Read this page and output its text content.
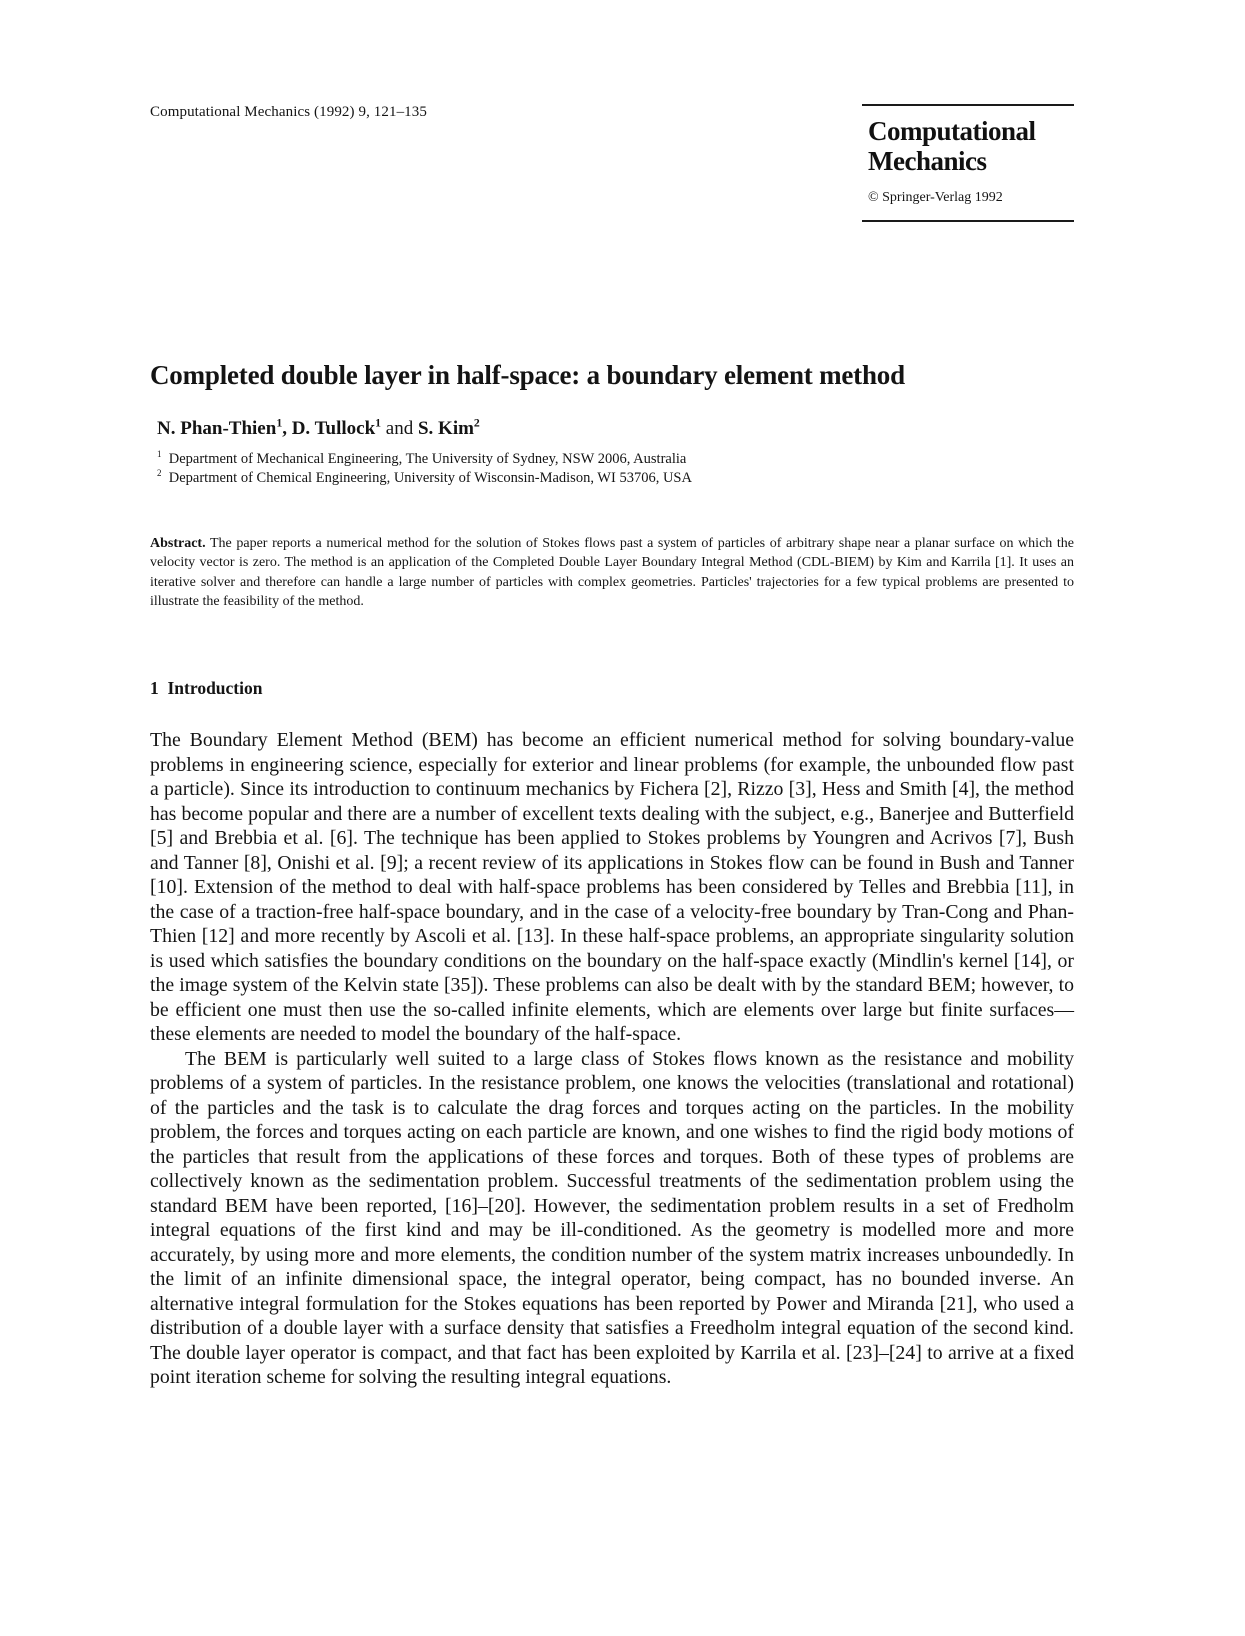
Computational Mechanics (1992) 9, 121–135
Computational
Mechanics
© Springer-Verlag 1992
Completed double layer in half-space: a boundary element method
N. Phan-Thien$^1$, D. Tullock$^1$ and S. Kim$^2$
$^1$ Department of Mechanical Engineering, The University of Sydney, NSW 2006, Australia
$^2$ Department of Chemical Engineering, University of Wisconsin-Madison, WI 53706, USA

Abstract. The paper reports a numerical method for the solution of Stokes flows past a system of particles of arbitrary shape near a planar surface on which the velocity vector is zero. The method is an application of the Completed Double Layer Boundary Integral Method (CDL-BIEM) by Kim and Karrila [1]. It uses an iterative solver and therefore can handle a large number of particles with complex geometries. Particles' trajectories for a few typical problems are presented to illustrate the feasibility of the method.

1  Introduction

The Boundary Element Method (BEM) has become an efficient numerical method for solving boundary-value problems in engineering science, especially for exterior and linear problems (for example, the unbounded flow past a particle). Since its introduction to continuum mechanics by Fichera [2], Rizzo [3], Hess and Smith [4], the method has become popular and there are a number of excellent texts dealing with the subject, e.g., Banerjee and Butterfield [5] and Brebbia et al. [6]. The technique has been applied to Stokes problems by Youngren and Acrivos [7], Bush and Tanner [8], Onishi et al. [9]; a recent review of its applications in Stokes flow can be found in Bush and Tanner [10]. Extension of the method to deal with half-space problems has been considered by Telles and Brebbia [11], in the case of a traction-free half-space boundary, and in the case of a velocity-free boundary by Tran-Cong and Phan-Thien [12] and more recently by Ascoli et al. [13]. In these half-space problems, an appropriate singularity solution is used which satisfies the boundary conditions on the boundary on the half-space exactly (Mindlin's kernel [14], or the image system of the Kelvin state [35]). These problems can also be dealt with by the standard BEM; however, to be efficient one must then use the so-called infinite elements, which are elements over large but finite surfaces—these elements are needed to model the boundary of the half-space.

The BEM is particularly well suited to a large class of Stokes flows known as the resistance and mobility problems of a system of particles. In the resistance problem, one knows the velocities (translational and rotational) of the particles and the task is to calculate the drag forces and torques acting on the particles. In the mobility problem, the forces and torques acting on each particle are known, and one wishes to find the rigid body motions of the particles that result from the applications of these forces and torques. Both of these types of problems are collectively known as the sedimentation problem. Successful treatments of the sedimentation problem using the standard BEM have been reported, [16]–[20]. However, the sedimentation problem results in a set of Fredholm integral equations of the first kind and may be ill-conditioned. As the geometry is modelled more and more accurately, by using more and more elements, the condition number of the system matrix increases unboundedly. In the limit of an infinite dimensional space, the integral operator, being compact, has no bounded inverse. An alternative integral formulation for the Stokes equations has been reported by Power and Miranda [21], who used a distribution of a double layer with a surface density that satisfies a Freedholm integral equation of the second kind. The double layer operator is compact, and that fact has been exploited by Karrila et al. [23]–[24] to arrive at a fixed point iteration scheme for solving the resulting integral equations.
